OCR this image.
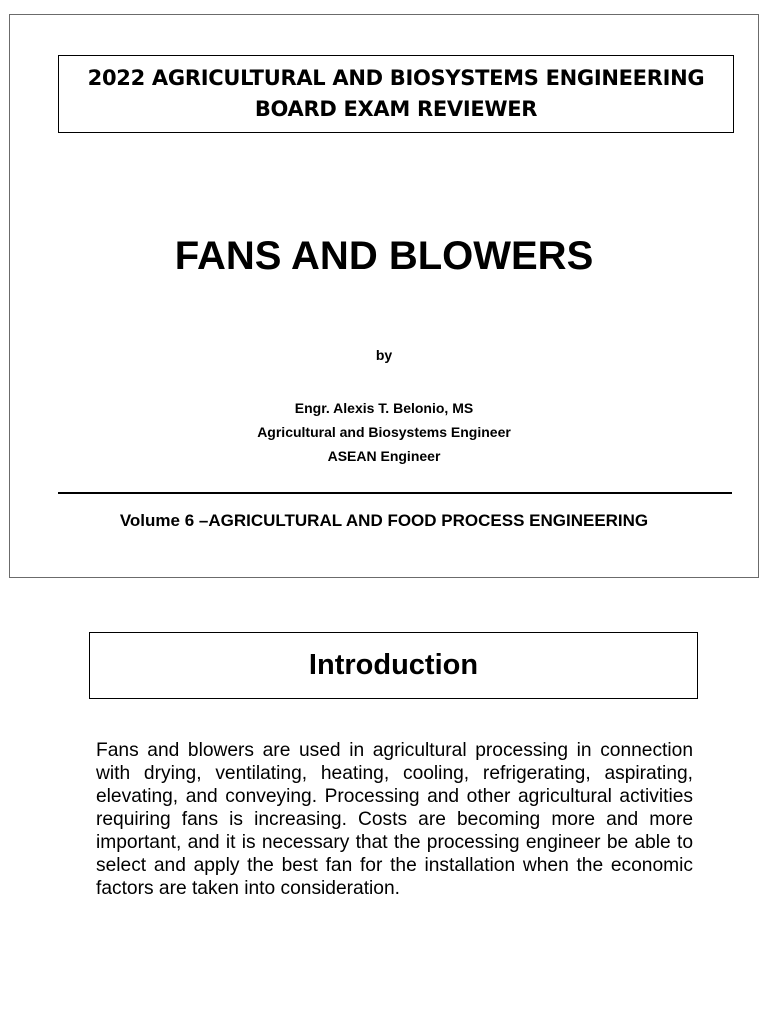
2022 AGRICULTURAL AND BIOSYSTEMS ENGINEERING
BOARD EXAM REVIEWER
FANS AND BLOWERS
by
Engr. Alexis T. Belonio, MS
Agricultural and Biosystems Engineer
ASEAN Engineer
Volume 6 –AGRICULTURAL AND FOOD PROCESS ENGINEERING
Introduction
Fans and blowers are used in agricultural processing in connection with drying, ventilating, heating, cooling, refrigerating, aspirating, elevating, and conveying. Processing and other agricultural activities requiring fans is increasing. Costs are becoming more and more important, and it is necessary that the processing engineer be able to select and apply the best fan for the installation when the economic factors are taken into consideration.
